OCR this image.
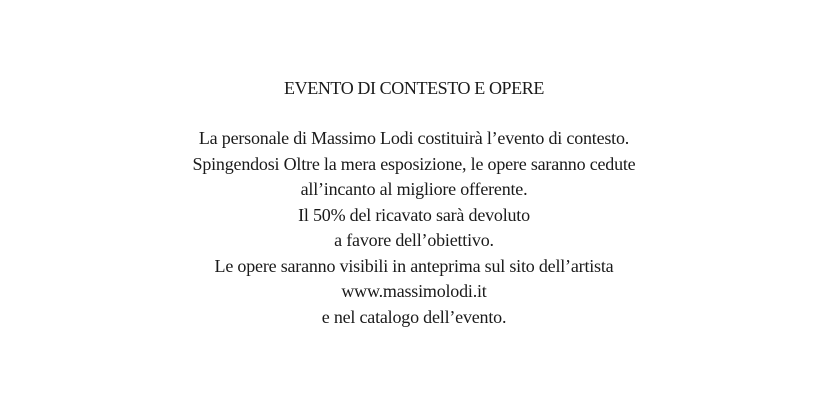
EVENTO DI CONTESTO E OPERE
La personale di Massimo Lodi costituirà l’evento di contesto.
Spingendosi Oltre la mera esposizione, le opere saranno cedute
all’incanto al migliore offerente.
Il 50% del ricavato sarà devoluto
a favore dell’obiettivo.
Le opere saranno visibili in anteprima sul sito dell’artista
www.massimolodi.it
e nel catalogo dell’evento.
